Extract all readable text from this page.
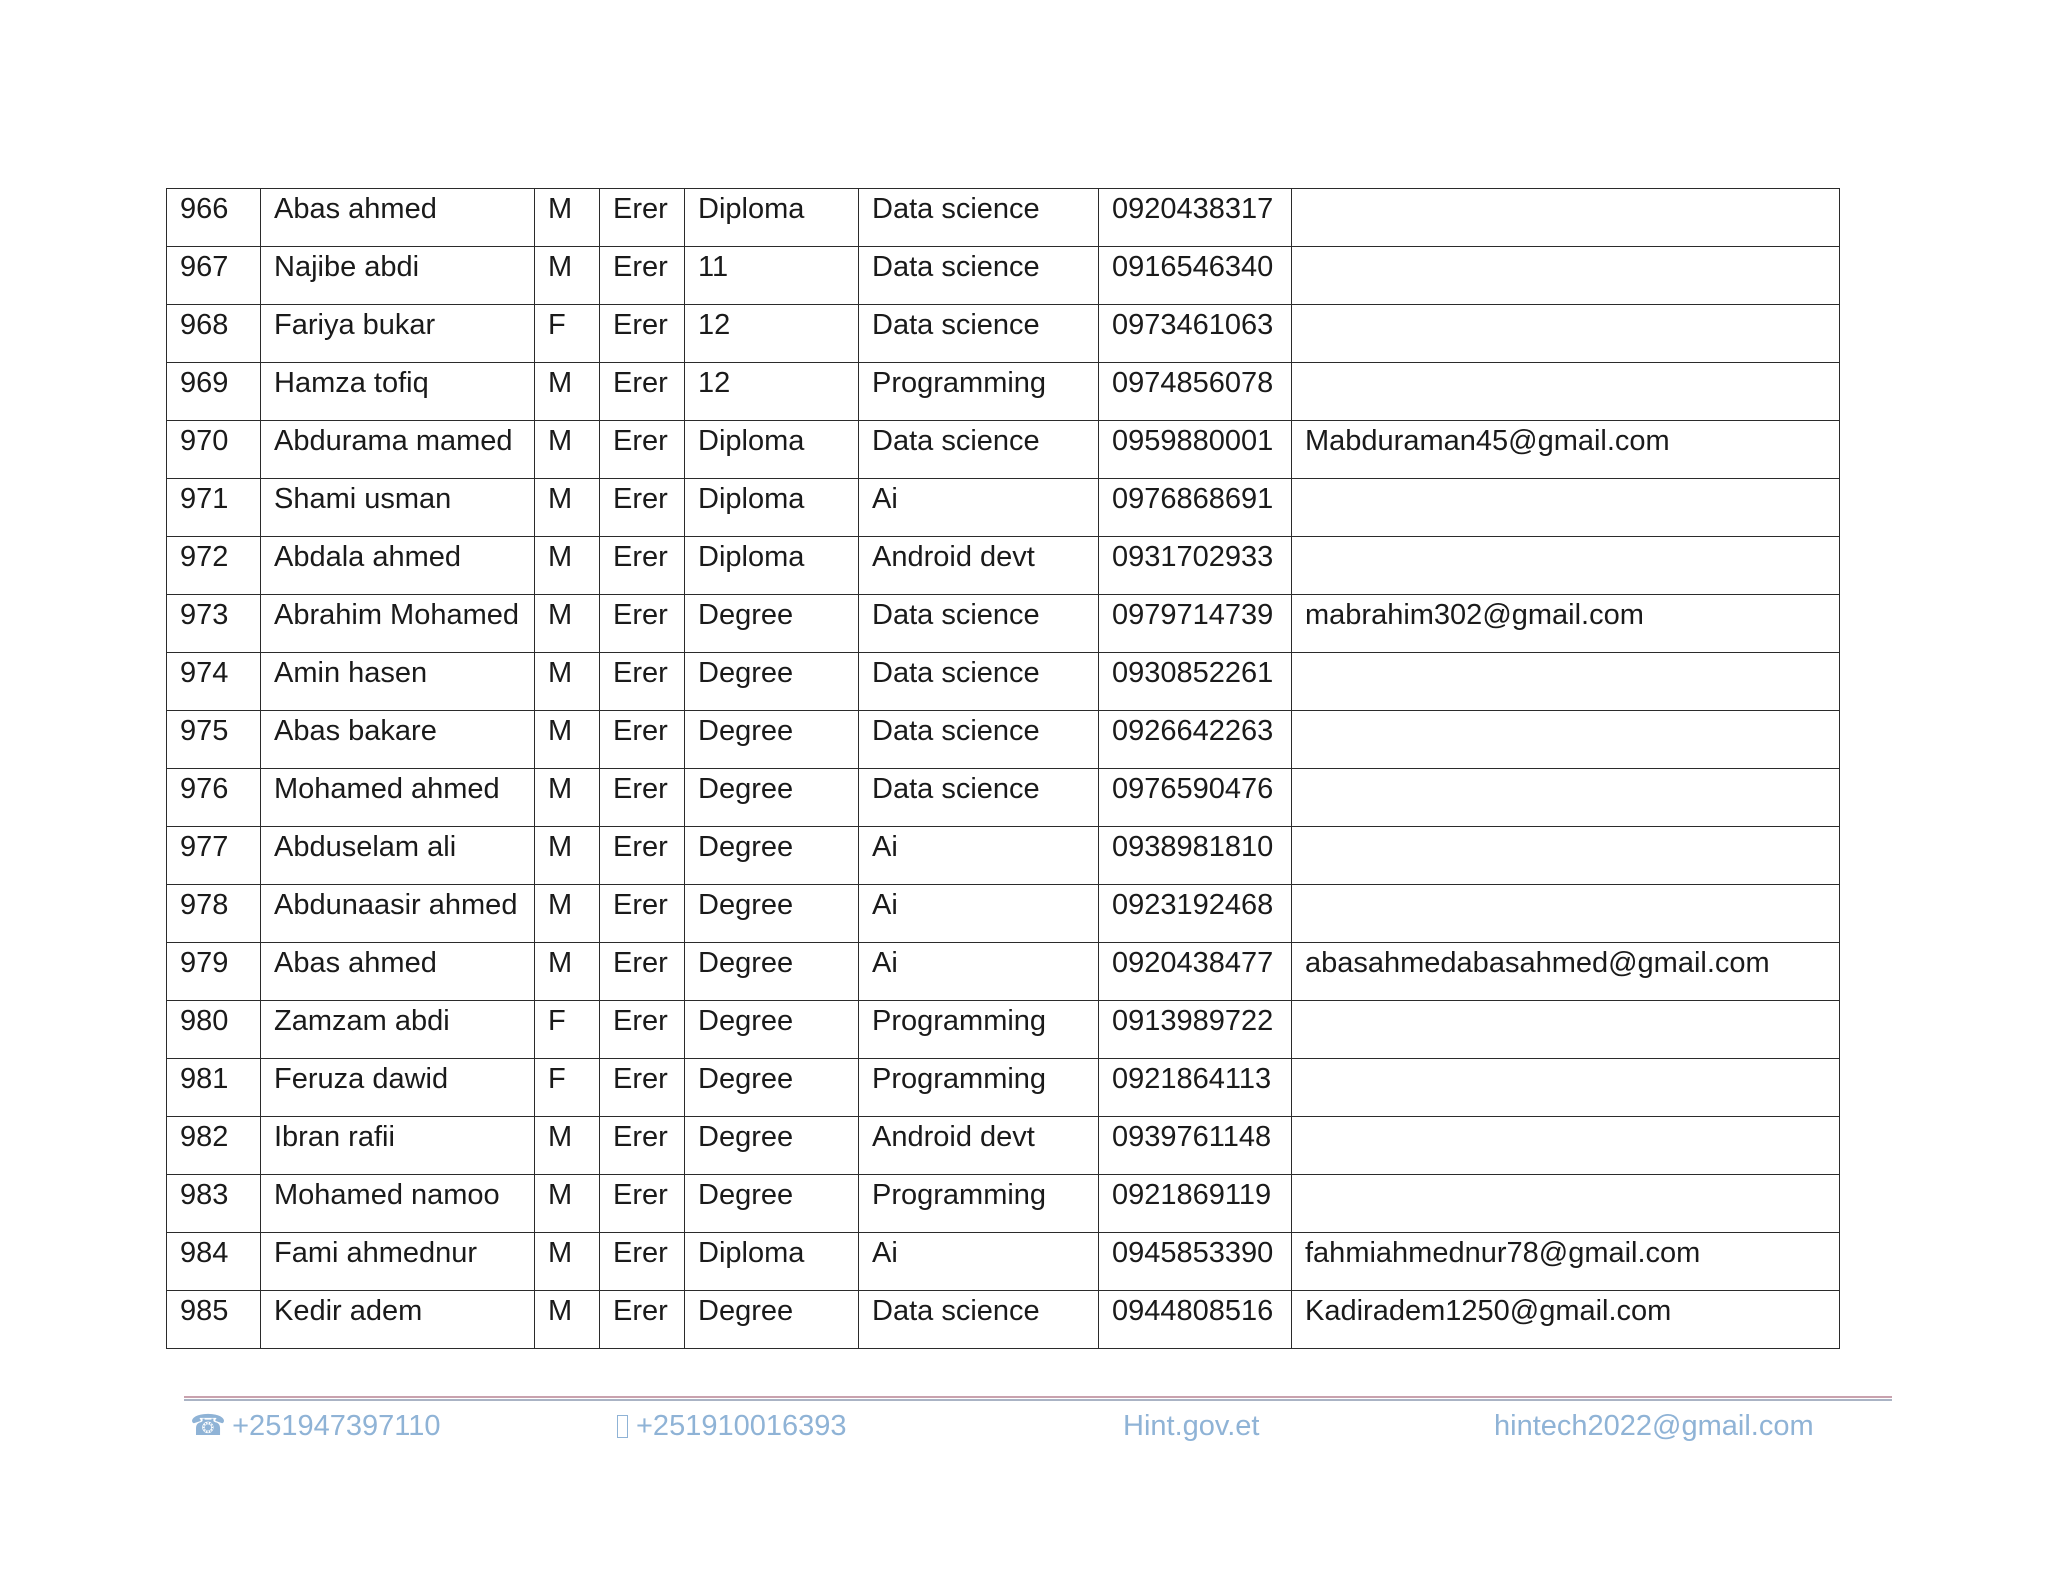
966	Abas ahmed	M	Erer	Diploma	Data science	0920438317	
967	Najibe abdi	M	Erer	11	Data science	0916546340	
968	Fariya bukar	F	Erer	12	Data science	0973461063	
969	Hamza tofiq	M	Erer	12	Programming	0974856078	
970	Abdurama mamed	M	Erer	Diploma	Data science	0959880001	Mabduraman45@gmail.com
971	Shami usman	M	Erer	Diploma	Ai	0976868691	
972	Abdala ahmed	M	Erer	Diploma	Android devt	0931702933	
973	Abrahim Mohamed	M	Erer	Degree	Data science	0979714739	mabrahim302@gmail.com
974	Amin hasen	M	Erer	Degree	Data science	0930852261	
975	Abas bakare	M	Erer	Degree	Data science	0926642263	
976	Mohamed ahmed	M	Erer	Degree	Data science	0976590476	
977	Abduselam ali	M	Erer	Degree	Ai	0938981810	
978	Abdunaasir ahmed	M	Erer	Degree	Ai	0923192468	
979	Abas ahmed	M	Erer	Degree	Ai	0920438477	abasahmedabasahmed@gmail.com
980	Zamzam abdi	F	Erer	Degree	Programming	0913989722	
981	Feruza dawid	F	Erer	Degree	Programming	0921864113	
982	Ibran rafii	M	Erer	Degree	Android devt	0939761148	
983	Mohamed namoo	M	Erer	Degree	Programming	0921869119	
984	Fami ahmednur	M	Erer	Diploma	Ai	0945853390	fahmiahmednur78@gmail.com
985	Kedir adem	M	Erer	Degree	Data science	0944808516	Kadiradem1250@gmail.com
☎ +251947397110	+251910016393	Hint.gov.et	hintech2022@gmail.com
